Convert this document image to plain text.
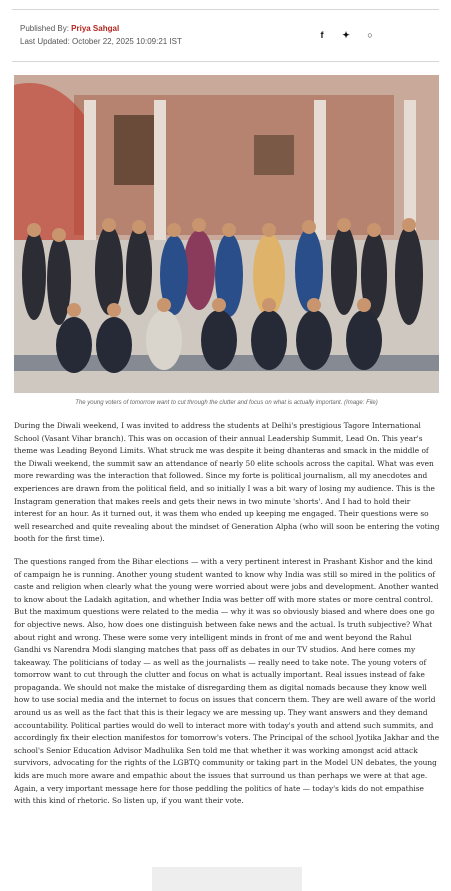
Published By: Priya Sahgal
Last Updated: October 22, 2025 10:09:21 IST
f	✦	○
The young voters of tomorrow want to cut through the clutter and focus on what is actually important. (Image: File)

During the Diwali weekend, I was invited to address the students at Delhi's prestigious Tagore International School (Vasant Vihar branch). This was on occasion of their annual Leadership Summit, Lead On. This year's theme was Leading Beyond Limits. What struck me was despite it being dhanteras and smack in the middle of the Diwali weekend, the summit saw an attendance of nearly 50 elite schools across the capital. What was even more rewarding was the interaction that followed. Since my forte is political journalism, all my anecdotes and experiences are drawn from the political field, and so initially I was a bit wary of losing my audience. This is the Instagram generation that makes reels and gets their news in two minute 'shorts'. And I had to hold their interest for an hour. As it turned out, it was them who ended up keeping me engaged. Their questions were so well researched and quite revealing about the mindset of Generation Alpha (who will soon be entering the voting booth for the first time).

The questions ranged from the Bihar elections — with a very pertinent interest in Prashant Kishor and the kind of campaign he is running. Another young student wanted to know why India was still so mired in the politics of caste and religion when clearly what the young were worried about were jobs and development. Another wanted to know about the Ladakh agitation, and whether India was better off with more states or more central control. But the maximum questions were related to the media — why it was so obviously biased and where does one go for objective news. Also, how does one distinguish between fake news and the actual. Is truth subjective? What about right and wrong. These were some very intelligent minds in front of me and went beyond the Rahul Gandhi vs Narendra Modi slanging matches that pass off as debates in our TV studios. And here comes my takeaway. The politicians of today — as well as the journalists — really need to take note. The young voters of tomorrow want to cut through the clutter and focus on what is actually important. Real issues instead of fake propaganda. We should not make the mistake of disregarding them as digital nomads because they know well how to use social media and the internet to focus on issues that concern them. They are well aware of the world around us as well as the fact that this is their legacy we are messing up. They want answers and they demand accountability. Political parties would do well to interact more with today's youth and attend such summits, and accordingly fix their election manifestos for tomorrow's voters. The Principal of the school Jyotika Jakhar and the school's Senior Education Advisor Madhulika Sen told me that whether it was working amongst acid attack survivors, advocating for the rights of the LGBTQ community or taking part in the Model UN debates, the young kids are much more aware and empathic about the issues that surround us than perhaps we were at that age. Again, a very important message here for those peddling the politics of hate — today's kids do not empathise with this kind of rhetoric. So listen up, if you want their vote.
